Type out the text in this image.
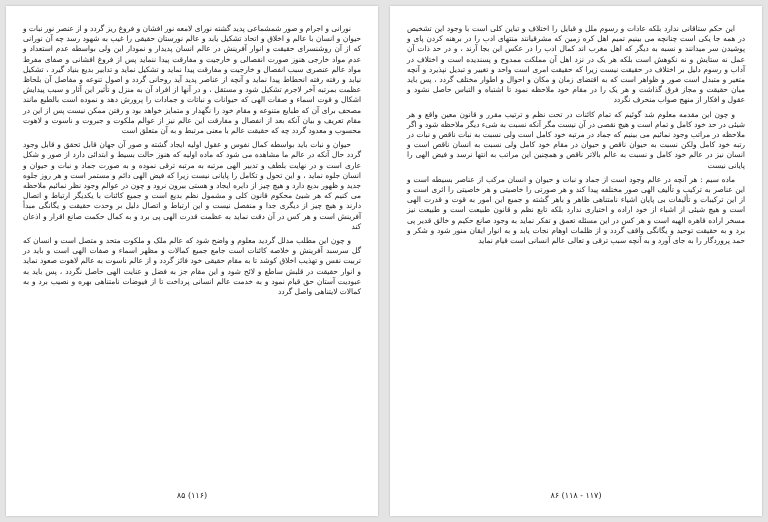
نورانی و اجرام و صور شمشماعی پدید گشته نورای لامعه نور افشان و فروغ ریز گردد و از عنصر نور نبات و حیوان و انسان با عالم و اخلاق و اتحاد تشکیل یابد و عالم نورستان حقیقی را غیب به شهود رسد چه آن نورانی که از آن روشنسرای حقیقت و انوار آفرینش در عالم انسان پدیدار و نمودار این ولی بواسطه عدم استعداد و عدم مواد خارجی هنوز صورت انفصالی و خارجیت و مفارقت پیدا ننماید پس از فروغ افشانی و صفای مفرط مواد عالم عنصری سبب انفصال و خارجیت و مفارقت پیدا نماید و تشکیل نماید و تدابیر بدیع بنیاد گیرد ، تشکیل نیابد و رفته رفته انحطاط پیدا نماید و آنچه از عناصر پدید آید روحانی گردد و اصول تنوعه و مفاصل آن بلحاظ عظمت بمرتبه آخر لاجرم تشکیل شود و مستقل ، و در آنها از افراد آن به منزل و تأثیر این آثار و سبب پیدایش اشکال و قوت اسماء و صفات الهی که حیوانات و نباتات و جمادات را پرورش دهد و نموده است بالطبع مانند مصحف برای آن که طبایع متنوعه و مقام خود را نگهدار و متمایز خواهد بود و رفتن ممکن نیست پس از این در مقام تعریف و بیان آنکه بعد از انفصال و مفارقت این عالم نیز از عوالم ملکوت و جبروت و ناسوت و لاهوت محسوب و معدود گردد چه که حقیقت عالم با معنی مرتبط و به آن متعلق است

حیوان و نبات باید بواسطه کمال نفوس و عقول اولیه ایجاد گشته و صور آن جهان قابل تحقق و قابل وجود گردد حال آنکه در عالم ما مشاهده می شود که ماده اولیه که هنوز حالت بسیط و ابتدائی دارد از صور و شکل عاری است و در نهایت بلطف و تدبیر الهی مرتبه به مرتبه ترقی نموده و به صورت جماد و نبات و حیوان و انسان جلوه نماید ، و این تحول و تکامل را پایانی نیست زیرا که فیض الهی دائم و مستمر است و هر روز جلوه جدید و ظهور بدیع دارد و هیچ چیز از دایره ایجاد و هستی بیرون نرود و چون در عوالم وجود نظر نمائیم ملاحظه می کنیم که هر شیئ محکوم قانون کلی و مشمول نظم بدیع است و جمیع کائنات با یکدیگر ارتباط و اتصال دارند و هیچ چیز از دیگری جدا و منفصل نیست و این ارتباط و اتصال دلیل بر وحدت حقیقت و یگانگی مبدأ آفرینش است و هر کس در آن دقت نماید به عظمت قدرت الهی پی برد و به کمال حکمت صانع اقرار و اذعان کند

و چون این مطلب مدلل گردید معلوم و واضح شود که عالم ملک و ملکوت متحد و متصل است و انسان که گل سرسبد آفرینش و خلاصه کائنات است جامع جمیع کمالات و مظهر اسماء و صفات الهی است و باید در تربیت نفس و تهذیب اخلاق کوشد تا به مقام حقیقی خود فائز گردد و از عالم ناسوت به عالم لاهوت صعود نماید و انوار حقیقت در قلبش ساطع و لائح شود و این مقام جز به فضل و عنایت الهی حاصل نگردد ، پس باید به عبودیت آستان حق قیام نمود و به خدمت عالم انسانی پرداخت تا از فیوضات نامتناهی بهره و نصیب برد و به کمالات لایتناهی واصل گردد

۸۵ (۱۱۶)

این حکم ستاقانی ندارد بلکه عادات و رسوم ملل و قبایل را اختلاف و تباین کلی است با وجود این تشخیص در همه جا یکی است چنانچه می بینیم تمیم اهل کره زمین که مشرقیانند منتهای ادب را در برهنه کردن پای و پوشیدن سر میدانند و نسبه به دیگر که اهل مغرب اند کمال ادب را در عکس این بجا آرند ، و در حد ذات آن عمل نه ستایش و نه نکوهش است بلکه هر یک در نزد اهل آن مملکت ممدوح و پسندیده است و اختلاف در آداب و رسوم دلیل بر اختلاف در حقیقت نیست زیرا که حقیقت امری است واحد و تغییر و تبدیل نپذیرد و آنچه متغیر و متبدل است صور و ظواهر است که به اقتضای زمان و مکان و احوال و اطوار مختلف گردد ، پس باید میان حقیقت و مجاز فرق گذاشت و هر یک را در مقام خود ملاحظه نمود تا اشتباه و التباس حاصل نشود و عقول و افکار از منهج صواب منحرف نگردد

و چون این مقدمه معلوم شد گوئیم که تمام کائنات در تحت نظم و ترتیب مقرر و قانون معین واقع و هر شیئی در حد خود کامل و تمام است و هیچ نقصی در آن نیست مگر آنکه نسبت به شیء دیگر ملاحظه شود و اگر ملاحظه در مراتب وجود نمائیم می بینیم که جماد در مرتبه خود کامل است ولی نسبت به نبات ناقص و نبات در رتبه خود کامل ولکن نسبت به حیوان ناقص و حیوان در مقام خود کامل ولی نسبت به انسان ناقص است و انسان نیز در عالم خود کامل و نسبت به عالم بالاتر ناقص و همچنین این مراتب به انتها نرسد و فیض الهی را پایانی نیست

ماده سیم : هر آنچه در عالم وجود است از جماد و نبات و حیوان و انسان مرکب از عناصر بسیطه است و این عناصر به ترکیب و تألیف الهی صور مختلفه پیدا کند و هر صورتی را خاصیتی و هر خاصیتی را اثری است و از این ترکیبات و تألیفات بی پایان اشیاء نامتناهی ظاهر و باهر گشته و جمیع این امور به قوت و قدرت الهی است و هیچ شیئی از اشیاء از خود اراده و اختیاری ندارد بلکه تابع نظم و قانون طبیعت است و طبیعت نیز مسخر اراده قاهره الهیه است و هر کس در این مسئله تعمق و تفکر نماید به وجود صانع حکیم و خالق قدیر پی برد و به حقیقت توحید و یگانگی واقف گردد و از ظلمات اوهام نجات یابد و به انوار ایقان منور شود و شکر و حمد پروردگار را به جای آورد و به آنچه سبب ترقی و تعالی عالم انسانی است قیام نماید

۸۶ (۱۱۸ - ۱۱۷)
